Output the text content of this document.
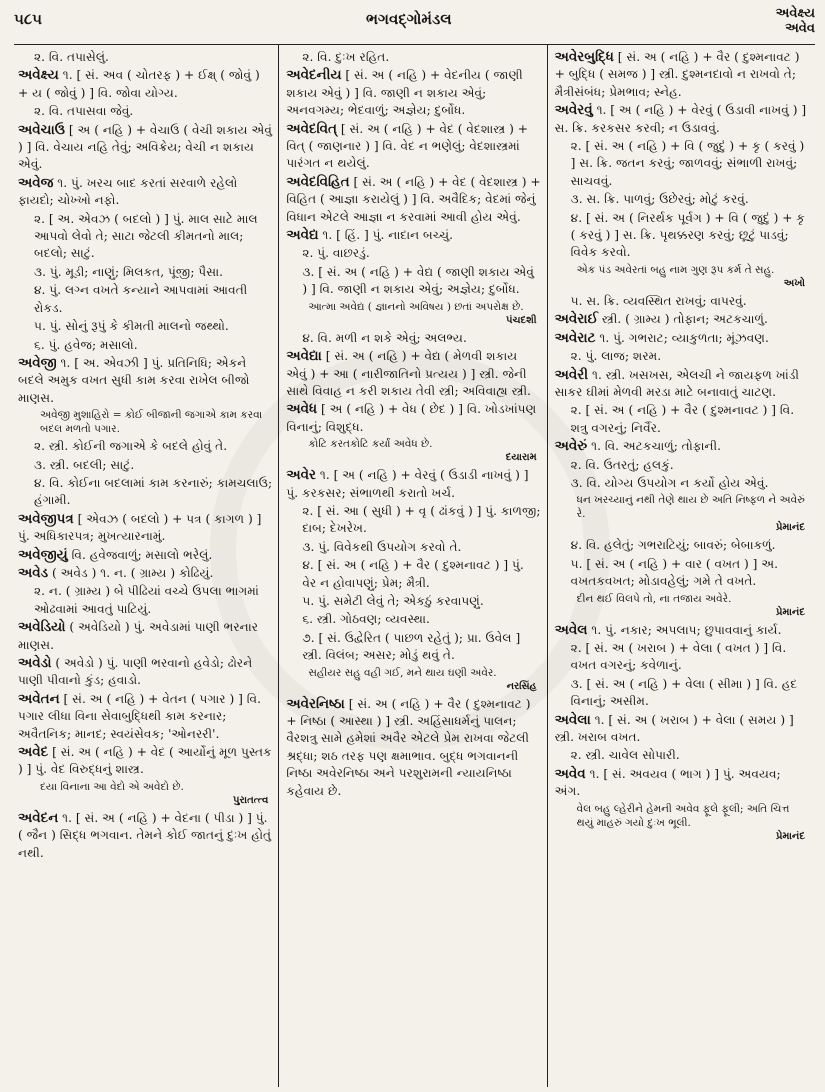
૫૮૫	ભગવદ્ગોમંડલ	અવેક્ષ્ય
અવેવ
૨. વિ. તપાસેલું.
અવેક્ષ્ય ૧. [ સં. અવ ( ચોતરફ ) + ઈક્ષ્ ( જોવું ) + ય ( જોવું ) ] વિ. જોવા યોગ્ય.
૨. વિ. તપાસવા જેવું.
અવેચાઉ [ અ ( નહિ ) + વેચાઉ ( વેચી શકાય એવું ) ] વિ. વેચાય નહિ તેવું; અવિક્રેય; વેચી ન શકાય એવું.
અવેજ ૧. પું. ખરચ બાદ કરતાં સરવાળે રહેલો ફાયદો; ચોખ્ખો નફો.
૨. [ અ. એવઝ ( બદલો ) ] પું. માલ સાટે માલ આપવો લેવો તે; સાટા જેટલી કીમતનો માલ; બદલો; સાટું.
૩. પું. મૂડી; નાણું; મિલકત, પૂંજી; પૈસા.
૪. પું. લગ્ન વખતે કન્યાને આપવામાં આવતી રોકડ.
૫. પું. સોનું રૂપું કે કીમતી માલનો જથ્થો.
૬. પું. હવેજ; મસાલો.
અવેજી ૧. [ અ. એવઝી ] પું. પ્રતિનિધિ; એકને બદલે અમુક વખત સુધી કામ કરવા રાખેલ બીજો માણસ.
અવેજી મુશાહિરો = કોઈ બીજાની જગાએ કામ કરવા બદલ મળતો પગાર.
૨. સ્ત્રી. કોઈની જગાએ કે બદલે હોવું તે.
૩. સ્ત્રી. બદલી; સાટું.
૪. વિ. કોઈના બદલામાં કામ કરનારું; કામચલાઉ; હંગામી.
અવેજીપત્ર [ એવઝ ( બદલો ) + પત્ર ( કાગળ ) ] પું. અધિકારપત્ર; મુખત્યારનામું.
અવેજીયું વિ. હવેજવાળું; મસાલો ભરેલું.
અવેડ ( અવેડ ) ૧. ન. ( ગ્રામ્ય ) કોઢિયું.
૨. ન. ( ગ્રામ્ય ) બે પીઢિયાં વચ્ચે ઉપલા ભાગમાં ઓઢવામાં આવતું પાટિયું.
અવેડિયો ( અવેડિયો ) પું. અવેડામાં પાણી ભરનાર માણસ.
અવેડો ( અવેડો ) પું. પાણી ભરવાનો હવેડો; ઢોરને પાણી પીવાનો કુંડ; હવાડો.
અવેતન [ સં. અ ( નહિ ) + વેતન ( પગાર ) ] વિ. પગાર લીધા વિના સેવાબુદ્ધિથી કામ કરનાર; અવૈતનિક; માનદ; સ્વયંસેવક; 'ઓનરરી'.
અવેદ [ સં. અ ( નહિ ) + વેદ ( આર્યોનું મૂળ પુસ્તક ) ] પું. વેદ વિરુદ્ધનું શાસ્ત્ર.
દયા વિનાના આ વેદો એ અવેદો છે.
પુરાતત્ત્વ
અવેદન ૧. [ સં. અ ( નહિ ) + વેદના ( પીડા ) ] પું. ( જૈન ) સિદ્ધ ભગવાન. તેમને કોઈ જાતનું દુઃખ હોતું નથી.
૨. વિ. દુઃખ રહિત.
અવેદનીય [ સં. અ ( નહિ ) + વેદનીય ( જાણી શકાય એવું ) ] વિ. જાણી ન શકાય એવું; અનવગમ્ય; ભેદવાળું; અજ્ઞેય; દુર્બોધ.
અવેદવિત્ [ સં. અ ( નહિ ) + વેદ ( વેદશાસ્ત્ર ) + વિત્ ( જાણનાર ) ] વિ. વેદ ન ભણેલું; વેદશાસ્ત્રમાં પારંગત ન થયેલું.
અવેદવિહિત [ સં. અ ( નહિ ) + વેદ ( વેદશાસ્ત્ર ) + વિહિત ( આજ્ઞા કરાયેલું ) ] વિ. અવૈદિક; વેદમાં જેનું વિધાન એટલે આજ્ઞા ન કરવામાં આવી હોય એવું.
અવેદ્ય ૧. [ હિં. ] પું. નાદાન બચ્ચું.
૨. પું. વાછરડું.
૩. [ સં. અ ( નહિ ) + વેદ્ય ( જાણી શકાય એવું ) ] વિ. જાણી ન શકાય એવું; અજ્ઞેય; દુર્બોધ.
આત્મા અવેદ્ય ( જ્ઞાનનો અવિષય ) છતાં અપરોક્ષ છે.
પંચદશી
૪. વિ. મળી ન શકે એવું; અલભ્ય.
અવેદ્યા [ સં. અ ( નહિ ) + વેદ્ય ( મેળવી શકાય એવું ) + આ ( નારીજાતિનો પ્રત્યય ) ] સ્ત્રી. જેની સાથે વિવાહ ન કરી શકાય તેવી સ્ત્રી; અવિવાહ્ય સ્ત્રી.
અવેધ [ અ ( નહિ ) + વેધ ( છેદ ) ] વિ. ખોડખાંપણ વિનાનું; વિશુદ્ધ.
કોટિ કરતકોટિ કર્યાં અવેધ છે.
દયારામ
અવેર ૧. [ અ ( નહિ ) + વેરવું ( ઉડાડી નાખવું ) ] પું. કરકસર; સંભાળથી કરાતો ખર્ચ.
૨. [ સં. આ ( સુધી ) + વૃ ( ઢાંકવું ) ] પું. કાળજી; દાબ; દેખરેખ.
૩. પું. વિવેકથી ઉપયોગ કરવો તે.
૪. [ સં. અ ( નહિ ) + વૈર ( દુશ્મનાવટ ) ] પું. વેર ન હોવાપણું; પ્રેમ; મૈત્રી.
૫. પું. સમેટી લેવું તે; એકઠું કરવાપણું.
૬. સ્ત્રી. ગોઠવણ; વ્યવસ્થા.
૭. [ સં. ઉદ્વેરિત ( પાછળ રહેતું ); પ્રા. ઉવેલ ] સ્ત્રી. વિલંબ; અસર; મોડું થવું તે.
સહીયર સહુ વહી ગઈ, મને થાય ઘણી અવેર.
નરસિંહ
અવેરનિષ્ઠા [ સં. અ ( નહિ ) + વૈર ( દુશ્મનાવટ ) + નિષ્ઠા ( આસ્થા ) ] સ્ત્રી. અહિંસાધર્મનું પાલન; વૈરશત્રુ સામે હમેશાં અવૈર એટલે પ્રેમ રાખવા જેટલી શ્રદ્ધા; શઠ તરફ પણ ક્ષમાભાવ. બુદ્ધ ભગવાનની નિષ્ઠા અવેરનિષ્ઠા અને પરશુરામની ન્યાયનિષ્ઠા કહેવાય છે.
અવેરબુદ્ધિ [ સં. અ ( નહિ ) + વૈર ( દુશ્મનાવટ ) + બુદ્ધિ ( સમજ ) ] સ્ત્રી. દુશ્મનદાવો ન રાખવો તે; મૈત્રીસંબંધ; પ્રેમભાવ; સ્નેહ.
અવેરવું ૧. [ અ ( નહિ ) + વેરવું ( ઉડાવી નાખવું ) ] સ. ક્રિ. કરકસર કરવી; ન ઉડાવવું.
૨. [ સં. અ ( નહિ ) + વિ ( જુદું ) + કૃ ( કરવું ) ] સ. ક્રિ. જતન કરવું; જાળવવું; સંભાળી રાખવું; સાચવવું.
૩. સ. ક્રિ. પાળવું; ઉછેરવું; મોટું કરવું.
૪. [ સં. અ ( નિરર્થક પૂર્વગ ) + વિ ( જુદું ) + કૃ ( કરવું ) ] સ. ક્રિ. પૃથક્કરણ કરવું; છૂટું પાડવું; વિવેક કરવો.
એક પંડ અવેરતાં બહુ નામ ગુણ રૂપ કર્મ તે સહુ.
અખો
૫. સ. ક્રિ. વ્યવસ્થિત રાખવું; વાપરવું.
અવેરાઈ સ્ત્રી. ( ગ્રામ્ય ) તોફાન; અટકચાળું.
અવેરાટ ૧. પું. ગભરાટ; વ્યાકુળતા; મૂંઝવણ.
૨. પું. લાજ; શરમ.
અવેરી ૧. સ્ત્રી. ખસખસ, એલચી ને જાયફળ ખાંડી સાકર ઘીમાં મેળવી મરડા માટે બનાવાતું ચાટણ.
૨. [ સં. અ ( નહિ ) + વૈર ( દુશ્મનાવટ ) ] વિ. શત્રુ વગરનું; નિર્વૈર.
અવેરું ૧. વિ. અટકચાળું; તોફાની.
૨. વિ. ઉતરતું; હલકું.
૩. વિ. યોગ્ય ઉપયોગ ન કર્યો હોય એવું.
ધન ખરચ્યાનું નથી તેણે થાય છે અતિ નિષ્ફળ ને અવેરું રે.
પ્રેમાનંદ
૪. વિ. હલેતું; ગભરાટિયું; બાવરું; બેબાકળું.
૫. [ સં. અ ( નહિ ) + વાર ( વખત ) ] અ. વખતકવખત; મોડાવહેલું; ગમે તે વખતે.
દીન થઈ વિલપે તો, ના તજાય અવેરે.
પ્રેમાનંદ
અવેલ ૧. પું. નકાર; અપલાપ; છુપાવવાનું કાર્ય.
૨. [ સં. અ ( ખરાબ ) + વેલા ( વખત ) ] વિ. વખત વગરનું; કવેળાનું.
૩. [ સં. અ ( નહિ ) + વેલા ( સીમા ) ] વિ. હદ વિનાનું; અસીમ.
અવેલા ૧. [ સં. અ ( ખરાબ ) + વેલા ( સમય ) ] સ્ત્રી. ખરાબ વખત.
૨. સ્ત્રી. ચાવેલ સોપારી.
અવેવ ૧. [ સં. અવયવ ( ભાગ ) ] પું. અવયવ; અંગ.
વેલ બહુ લ્હેરીને હેમની અવેવ ફૂલે ફૂલી; અતિ ચિત્ત થયું માહરું ગયો દુઃખ ભૂલી.
પ્રેમાનંદ
